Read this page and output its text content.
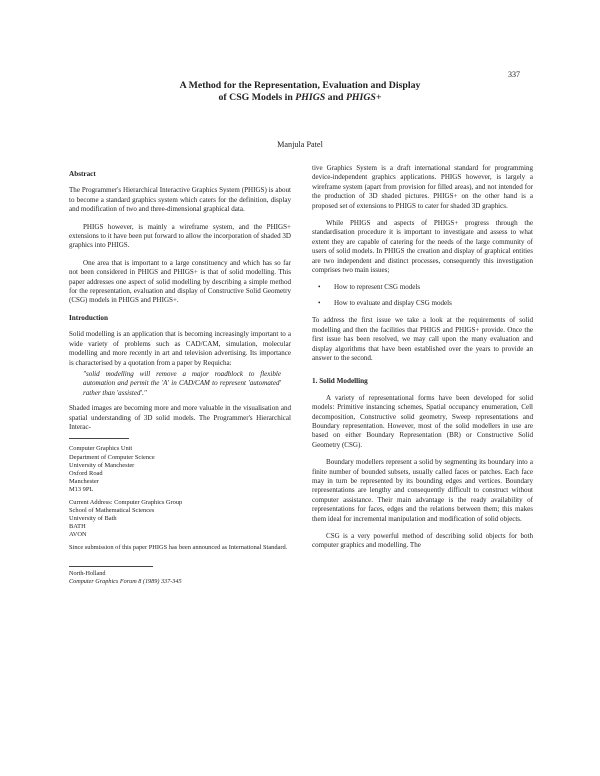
337
A Method for the Representation, Evaluation and Display
of CSG Models in PHIGS and PHIGS+
Manjula Patel
Abstract

The Programmer's Hierarchical Interactive Graphics System (PHIGS) is about to become a standard graphics system which caters for the definition, display and modification of two and three-dimensional graphical data.

PHIGS however, is mainly a wireframe system, and the PHIGS+ extensions to it have been put forward to allow the incorporation of shaded 3D graphics into PHIGS.

One area that is important to a large constituency and which has so far not been considered in PHIGS and PHIGS+ is that of solid modelling. This paper addresses one aspect of solid modelling by describing a simple method for the representation, evaluation and display of Constructive Solid Geometry (CSG) models in PHIGS and PHIGS+.

Introduction

Solid modelling is an application that is becoming increasingly important to a wide variety of problems such as CAD/CAM, simulation, molecular modelling and more recently in art and television advertising. Its importance is characterised by a quotation from a paper by Requicha:

"solid modelling will remove a major roadblock to flexible automation and permit the 'A' in CAD/CAM to represent 'automated' rather than 'assisted'."

Shaded images are becoming more and more valuable in the visualisation and spatial understanding of 3D solid models. The Programmer's Hierarchical Interac-

Computer Graphics Unit
Department of Computer Science
University of Manchester
Oxford Road
Manchester
M13 9PL
Current Address: Computer Graphics Group
School of Mathematical Sciences
University of Bath
BATH
AVON
Since submission of this paper PHIGS has been announced as International Standard.
North-Holland
Computer Graphics Forum 8 (1989) 337-345

tive Graphics System is a draft international standard for programming device-independent graphics applications. PHIGS however, is largely a wireframe system (apart from provision for filled areas), and not intended for the production of 3D shaded pictures. PHIGS+ on the other hand is a proposed set of extensions to PHIGS to cater for shaded 3D graphics.

While PHIGS and aspects of PHIGS+ progress through the standardisation procedure it is important to investigate and assess to what extent they are capable of catering for the needs of the large community of users of solid models. In PHIGS the creation and display of graphical entities are two independent and distinct processes, consequently this investigation comprises two main issues;

• How to represent CSG models
• How to evaluate and display CSG models

To address the first issue we take a look at the requirements of solid modelling and then the facilities that PHIGS and PHIGS+ provide. Once the first issue has been resolved, we may call upon the many evaluation and display algorithms that have been established over the years to provide an answer to the second.

1. Solid Modelling

A variety of representational forms have been developed for solid models: Primitive instancing schemes, Spatial occupancy enumeration, Cell decomposition, Constructive solid geometry, Sweep representations and Boundary representation. However, most of the solid modellers in use are based on either Boundary Representation (BR) or Constructive Solid Geometry (CSG).

Boundary modellers represent a solid by segmenting its boundary into a finite number of bounded subsets, usually called faces or patches. Each face may in turn be represented by its bounding edges and vertices. Boundary representations are lengthy and consequently difficult to construct without computer assistance. Their main advantage is the ready availability of representations for faces, edges and the relations between them; this makes them ideal for incremental manipulation and modification of solid objects.

CSG is a very powerful method of describing solid objects for both computer graphics and modelling. The
